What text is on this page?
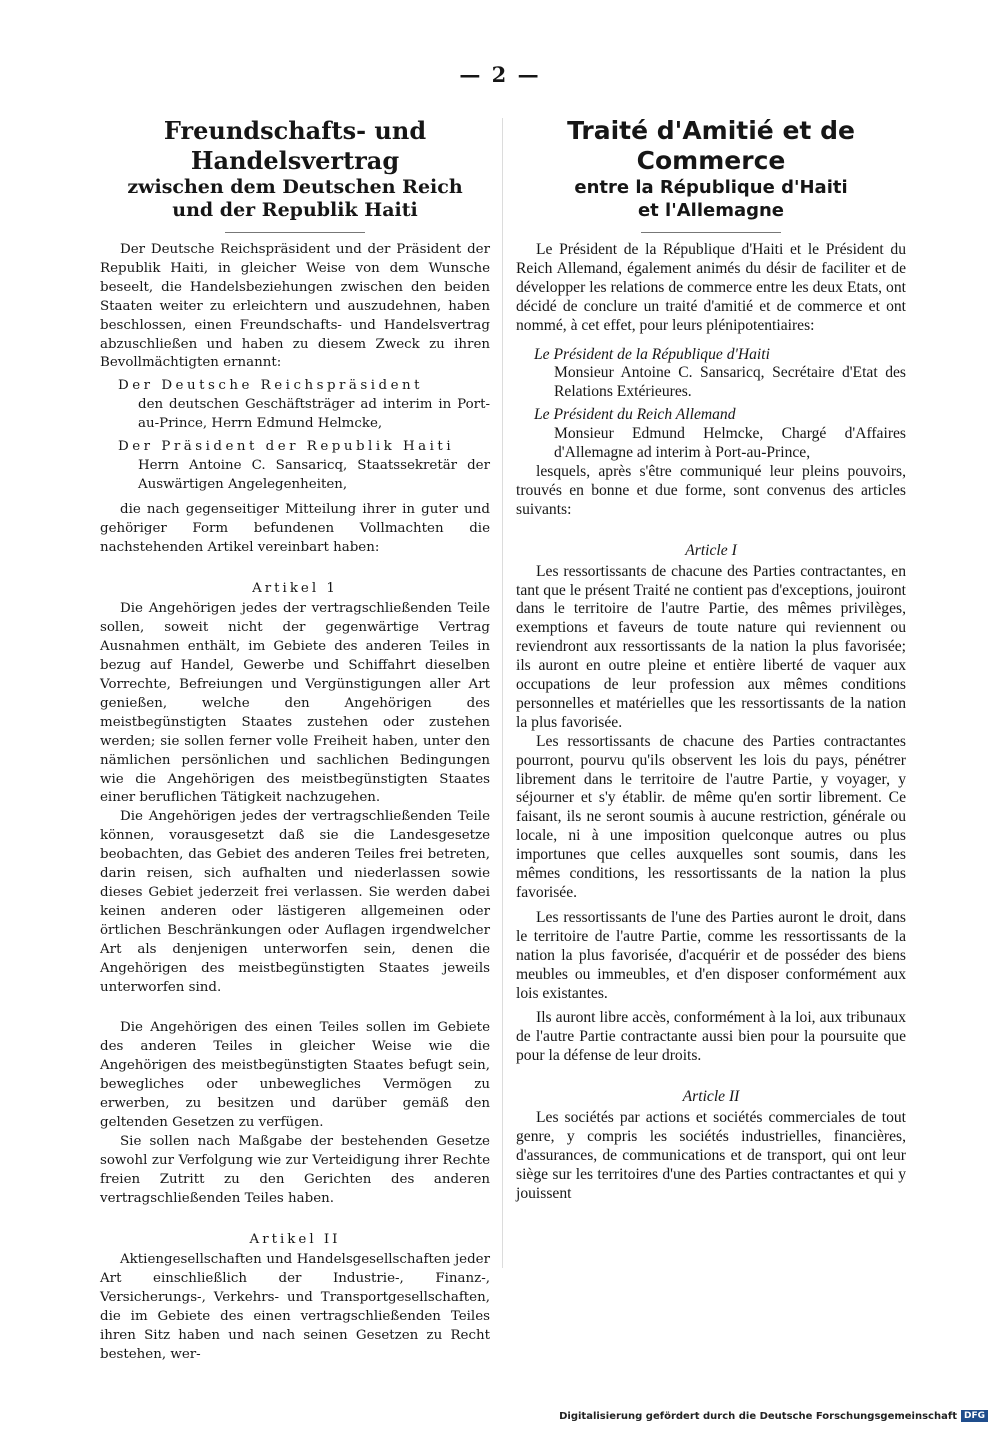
— 2 —
Freundschafts- und Handelsvertrag
zwischen dem Deutschen Reich
und der Republik Haiti

Der Deutsche Reichspräsident und der Präsident der Republik Haiti, in gleicher Weise von dem Wunsche beseelt, die Handelsbeziehungen zwischen den beiden Staaten weiter zu erleichtern und auszudehnen, haben beschlossen, einen Freundschafts- und Handelsvertrag abzuschließen und haben zu diesem Zweck zu ihren Bevollmächtigten ernannt:

Der Deutsche Reichspräsident

den deutschen Geschäftsträger ad interim in Port-au-Prince, Herrn Edmund Helmcke,

Der Präsident der Republik Haiti

Herrn Antoine C. Sansaricq, Staatssekretär der Auswärtigen Angelegenheiten,

die nach gegenseitiger Mitteilung ihrer in guter und gehöriger Form befundenen Vollmachten die nachstehenden Artikel vereinbart haben:

Artikel 1

Die Angehörigen jedes der vertragschließenden Teile sollen, soweit nicht der gegenwärtige Vertrag Ausnahmen enthält, im Gebiete des anderen Teiles in bezug auf Handel, Gewerbe und Schiffahrt dieselben Vorrechte, Befreiungen und Vergünstigungen aller Art genießen, welche den Angehörigen des meistbegünstigten Staates zustehen oder zustehen werden; sie sollen ferner volle Freiheit haben, unter den nämlichen persönlichen und sachlichen Bedingungen wie die Angehörigen des meistbegünstigten Staates einer beruflichen Tätigkeit nachzugehen.

Die Angehörigen jedes der vertragschließenden Teile können, vorausgesetzt daß sie die Landesgesetze beobachten, das Gebiet des anderen Teiles frei betreten, darin reisen, sich aufhalten und niederlassen sowie dieses Gebiet jederzeit frei verlassen. Sie werden dabei keinen anderen oder lästigeren allgemeinen oder örtlichen Beschränkungen oder Auflagen irgendwelcher Art als denjenigen unterworfen sein, denen die Angehörigen des meistbegünstigten Staates jeweils unterworfen sind.

Die Angehörigen des einen Teiles sollen im Gebiete des anderen Teiles in gleicher Weise wie die Angehörigen des meistbegünstigten Staates befugt sein, bewegliches oder unbewegliches Vermögen zu erwerben, zu besitzen und darüber gemäß den geltenden Gesetzen zu verfügen.

Sie sollen nach Maßgabe der bestehenden Gesetze sowohl zur Verfolgung wie zur Verteidigung ihrer Rechte freien Zutritt zu den Gerichten des anderen vertragschließenden Teiles haben.

Artikel II

Aktiengesellschaften und Handelsgesellschaften jeder Art einschließlich der Industrie-, Finanz-, Versicherungs-, Verkehrs- und Transportgesellschaften, die im Gebiete des einen vertragschließenden Teiles ihren Sitz haben und nach seinen Gesetzen zu Recht bestehen, wer-

Traité d'Amitié et de Commerce
entre la République d'Haiti
et l'Allemagne

Le Président de la République d'Haiti et le Président du Reich Allemand, également animés du désir de faciliter et de développer les relations de commerce entre les deux Etats, ont décidé de conclure un traité d'amitié et de commerce et ont nommé, à cet effet, pour leurs plénipotentiaires:

Le Président de la République d'Haiti

Monsieur Antoine C. Sansaricq, Secrétaire d'Etat des Relations Extérieures.

Le Président du Reich Allemand

Monsieur Edmund Helmcke, Chargé d'Affaires d'Allemagne ad interim à Port-au-Prince,

lesquels, après s'être communiqué leur pleins pouvoirs, trouvés en bonne et due forme, sont convenus des articles suivants:

Article I

Les ressortissants de chacune des Parties contractantes, en tant que le présent Traité ne contient pas d'exceptions, jouiront dans le territoire de l'autre Partie, des mêmes privilèges, exemptions et faveurs de toute nature qui reviennent ou reviendront aux ressortissants de la nation la plus favorisée; ils auront en outre pleine et entière liberté de vaquer aux occupations de leur profession aux mêmes conditions personnelles et matérielles que les ressortissants de la nation la plus favorisée.

Les ressortissants de chacune des Parties contractantes pourront, pourvu qu'ils observent les lois du pays, pénétrer librement dans le territoire de l'autre Partie, y voyager, y séjourner et s'y établir. de même qu'en sortir librement. Ce faisant, ils ne seront soumis à aucune restriction, générale ou locale, ni à une imposition quelconque autres ou plus importunes que celles auxquelles sont soumis, dans les mêmes conditions, les ressortissants de la nation la plus favorisée.

Les ressortissants de l'une des Parties auront le droit, dans le territoire de l'autre Partie, comme les ressortissants de la nation la plus favorisée, d'acquérir et de posséder des biens meubles ou immeubles, et d'en disposer conformément aux lois existantes.

Ils auront libre accès, conformément à la loi, aux tribunaux de l'autre Partie contractante aussi bien pour la poursuite que pour la défense de leur droits.

Article II

Les sociétés par actions et sociétés commerciales de tout genre, y compris les sociétés industrielles, financières, d'assurances, de communications et de transport, qui ont leur siège sur les territoires d'une des Parties contractantes et qui y jouissent

Digitalisierung gefördert durch die Deutsche Forschungsgemeinschaft DFG
